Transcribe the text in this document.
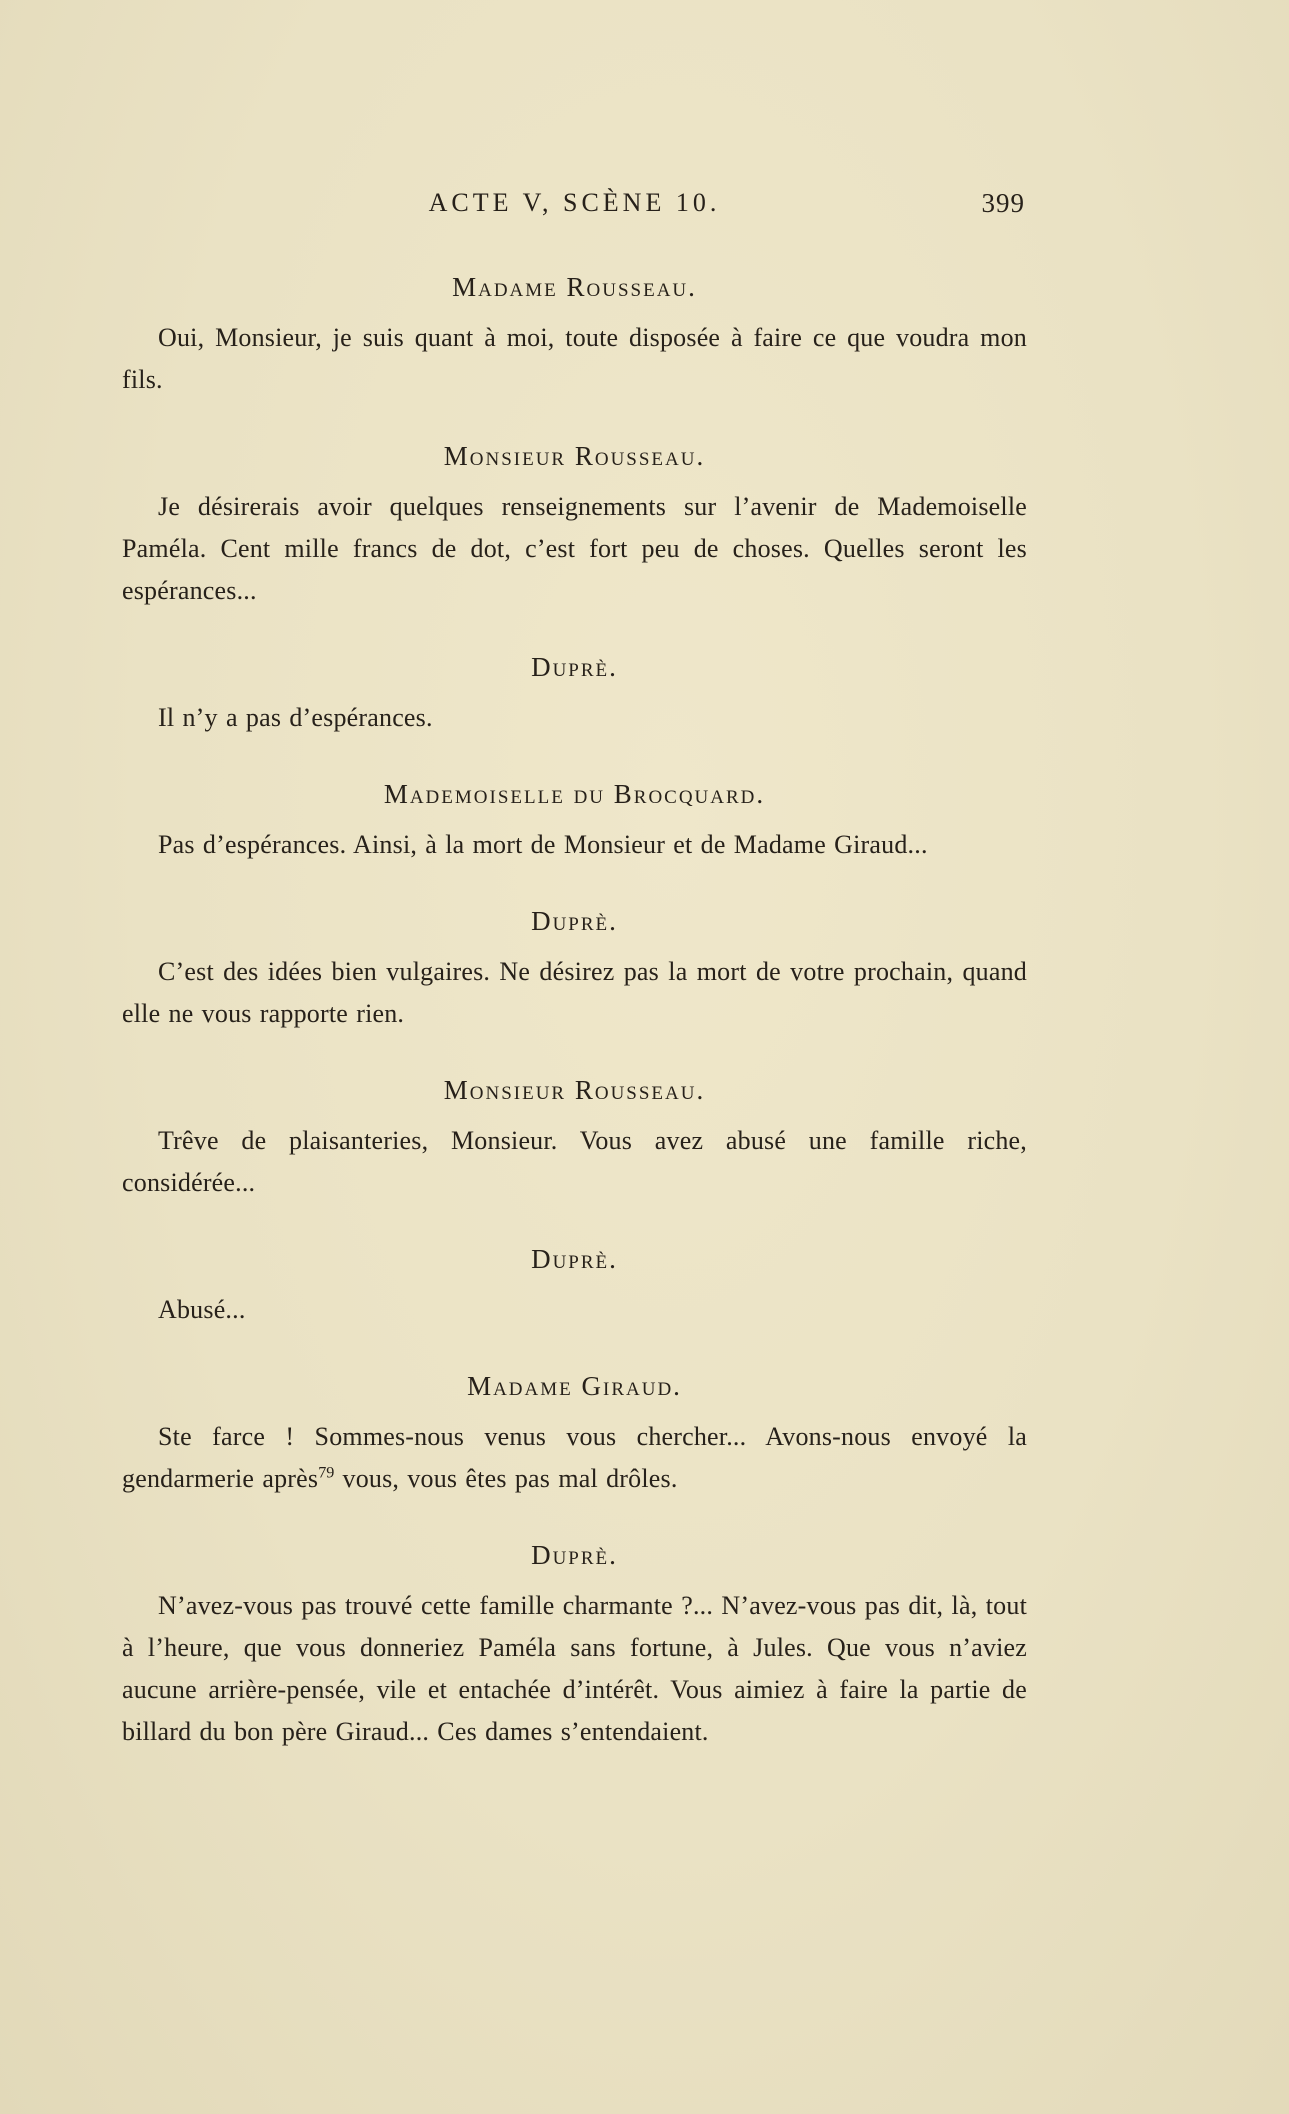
ACTE V, SCÈNE 10.	399
Madame Rousseau.

Oui, Monsieur, je suis quant à moi, toute disposée à faire ce que voudra mon fils.

Monsieur Rousseau.

Je désirerais avoir quelques renseignements sur l’avenir de Mademoiselle Paméla. Cent mille francs de dot, c’est fort peu de choses. Quelles seront les espérances...

Duprè.

Il n’y a pas d’espérances.

Mademoiselle du Brocquard.

Pas d’espérances. Ainsi, à la mort de Monsieur et de Madame Giraud...

Duprè.

C’est des idées bien vulgaires. Ne désirez pas la mort de votre prochain, quand elle ne vous rapporte rien.

Monsieur Rousseau.

Trêve de plaisanteries, Monsieur. Vous avez abusé une famille riche, considérée...

Duprè.

Abusé...

Madame Giraud.

Ste farce ! Sommes-nous venus vous chercher... Avons-nous envoyé la gendarmerie après$^{79}$ vous, vous êtes pas mal drôles.

Duprè.

N’avez-vous pas trouvé cette famille charmante ?... N’avez-vous pas dit, là, tout à l’heure, que vous donneriez Paméla sans fortune, à Jules. Que vous n’aviez aucune arrière-pensée, vile et entachée d’intérêt. Vous aimiez à faire la partie de billard du bon père Giraud... Ces dames s’entendaient.
